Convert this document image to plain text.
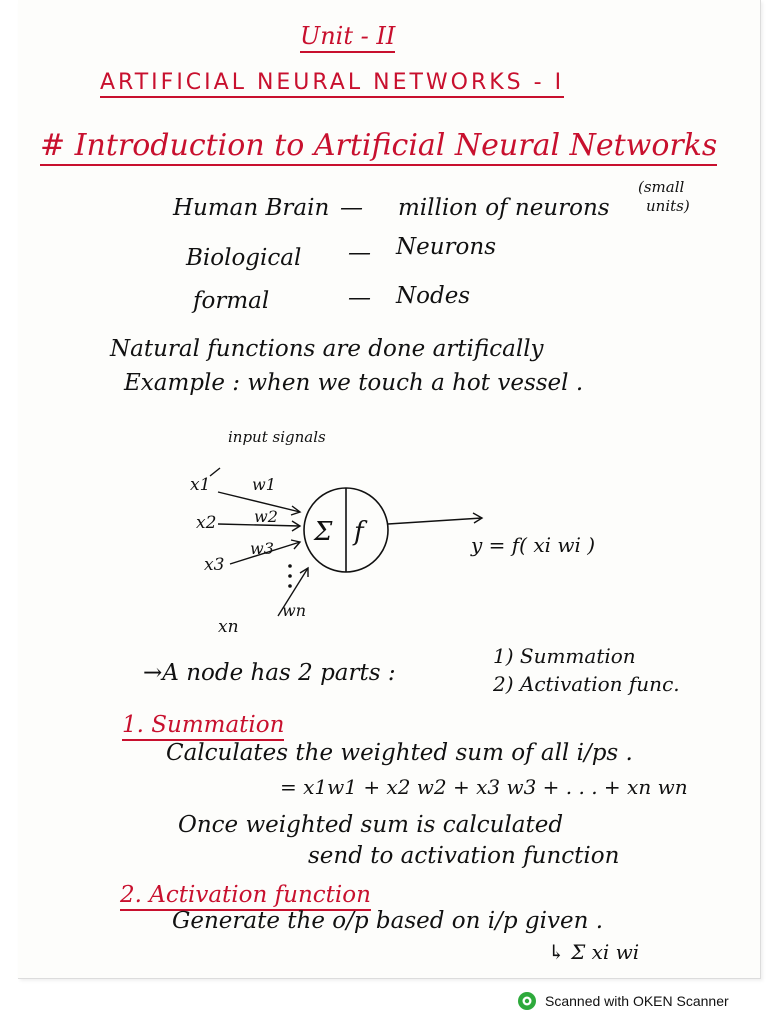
Unit - II
ARTIFICIAL NEURAL NETWORKS - I
# Introduction to Artificial Neural Networks
Human Brain — million of neurons
(small
units)
Biological — Neurons
formal	— Nodes
Natural functions are done artifically
Example : when we touch a hot vessel .
input signals
x1
x2
x3
xn
w1
w2
w3
wn
Σ f	y = f( xi wi )
→A node has 2 parts :
1) Summation
2) Activation func.
1. Summation
Calculates the weighted sum of all i/ps .
= x1w1 + x2 w2 + x3 w3 + . . . + xn wn
Once weighted sum is calculated
send to activation function
2. Activation function
Generate the o/p based on i/p given .
↳ Σ xi wi
Scanned with OKEN Scanner
